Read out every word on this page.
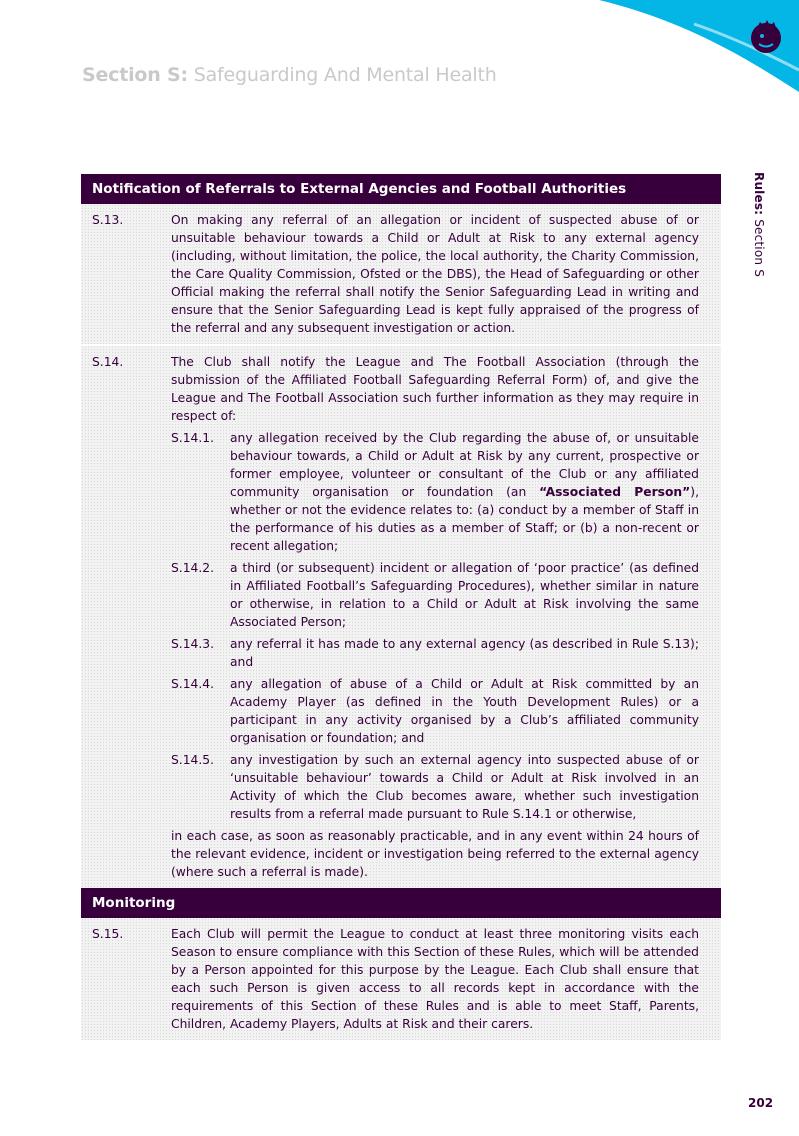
Section S: Safeguarding And Mental Health
Rules: Section S
Notification of Referrals to External Agencies and Football Authorities
S.13.	On making any referral of an allegation or incident of suspected abuse of or unsuitable behaviour towards a Child or Adult at Risk to any external agency (including, without limitation, the police, the local authority, the Charity Commission, the Care Quality Commission, Ofsted or the DBS), the Head of Safeguarding or other Official making the referral shall notify the Senior Safeguarding Lead in writing and ensure that the Senior Safeguarding Lead is kept fully appraised of the progress of the referral and any subsequent investigation or action.

S.14.	The Club shall notify the League and The Football Association (through the submission of the Affiliated Football Safeguarding Referral Form) of, and give the League and The Football Association such further information as they may require in respect of:

S.14.1.	any allegation received by the Club regarding the abuse of, or unsuitable behaviour towards, a Child or Adult at Risk by any current, prospective or former employee, volunteer or consultant of the Club or any affiliated community organisation or foundation (an “Associated Person”), whether or not the evidence relates to: (a) conduct by a member of Staff in the performance of his duties as a member of Staff; or (b) a non-recent or recent allegation;
S.14.2.	a third (or subsequent) incident or allegation of ‘poor practice’ (as defined in Affiliated Football’s Safeguarding Procedures), whether similar in nature or otherwise, in relation to a Child or Adult at Risk involving the same Associated Person;
S.14.3.	any referral it has made to any external agency (as described in Rule S.13); and
S.14.4.	any allegation of abuse of a Child or Adult at Risk committed by an Academy Player (as defined in the Youth Development Rules) or a participant in any activity organised by a Club’s affiliated community organisation or foundation; and
S.14.5.	any investigation by such an external agency into suspected abuse of or ‘unsuitable behaviour’ towards a Child or Adult at Risk involved in an Activity of which the Club becomes aware, whether such investigation results from a referral made pursuant to Rule S.14.1 or otherwise,

in each case, as soon as reasonably practicable, and in any event within 24 hours of the relevant evidence, incident or investigation being referred to the external agency (where such a referral is made).

Monitoring
S.15.	Each Club will permit the League to conduct at least three monitoring visits each Season to ensure compliance with this Section of these Rules, which will be attended by a Person appointed for this purpose by the League. Each Club shall ensure that each such Person is given access to all records kept in accordance with the requirements of this Section of these Rules and is able to meet Staff, Parents, Children, Academy Players, Adults at Risk and their carers.

202
